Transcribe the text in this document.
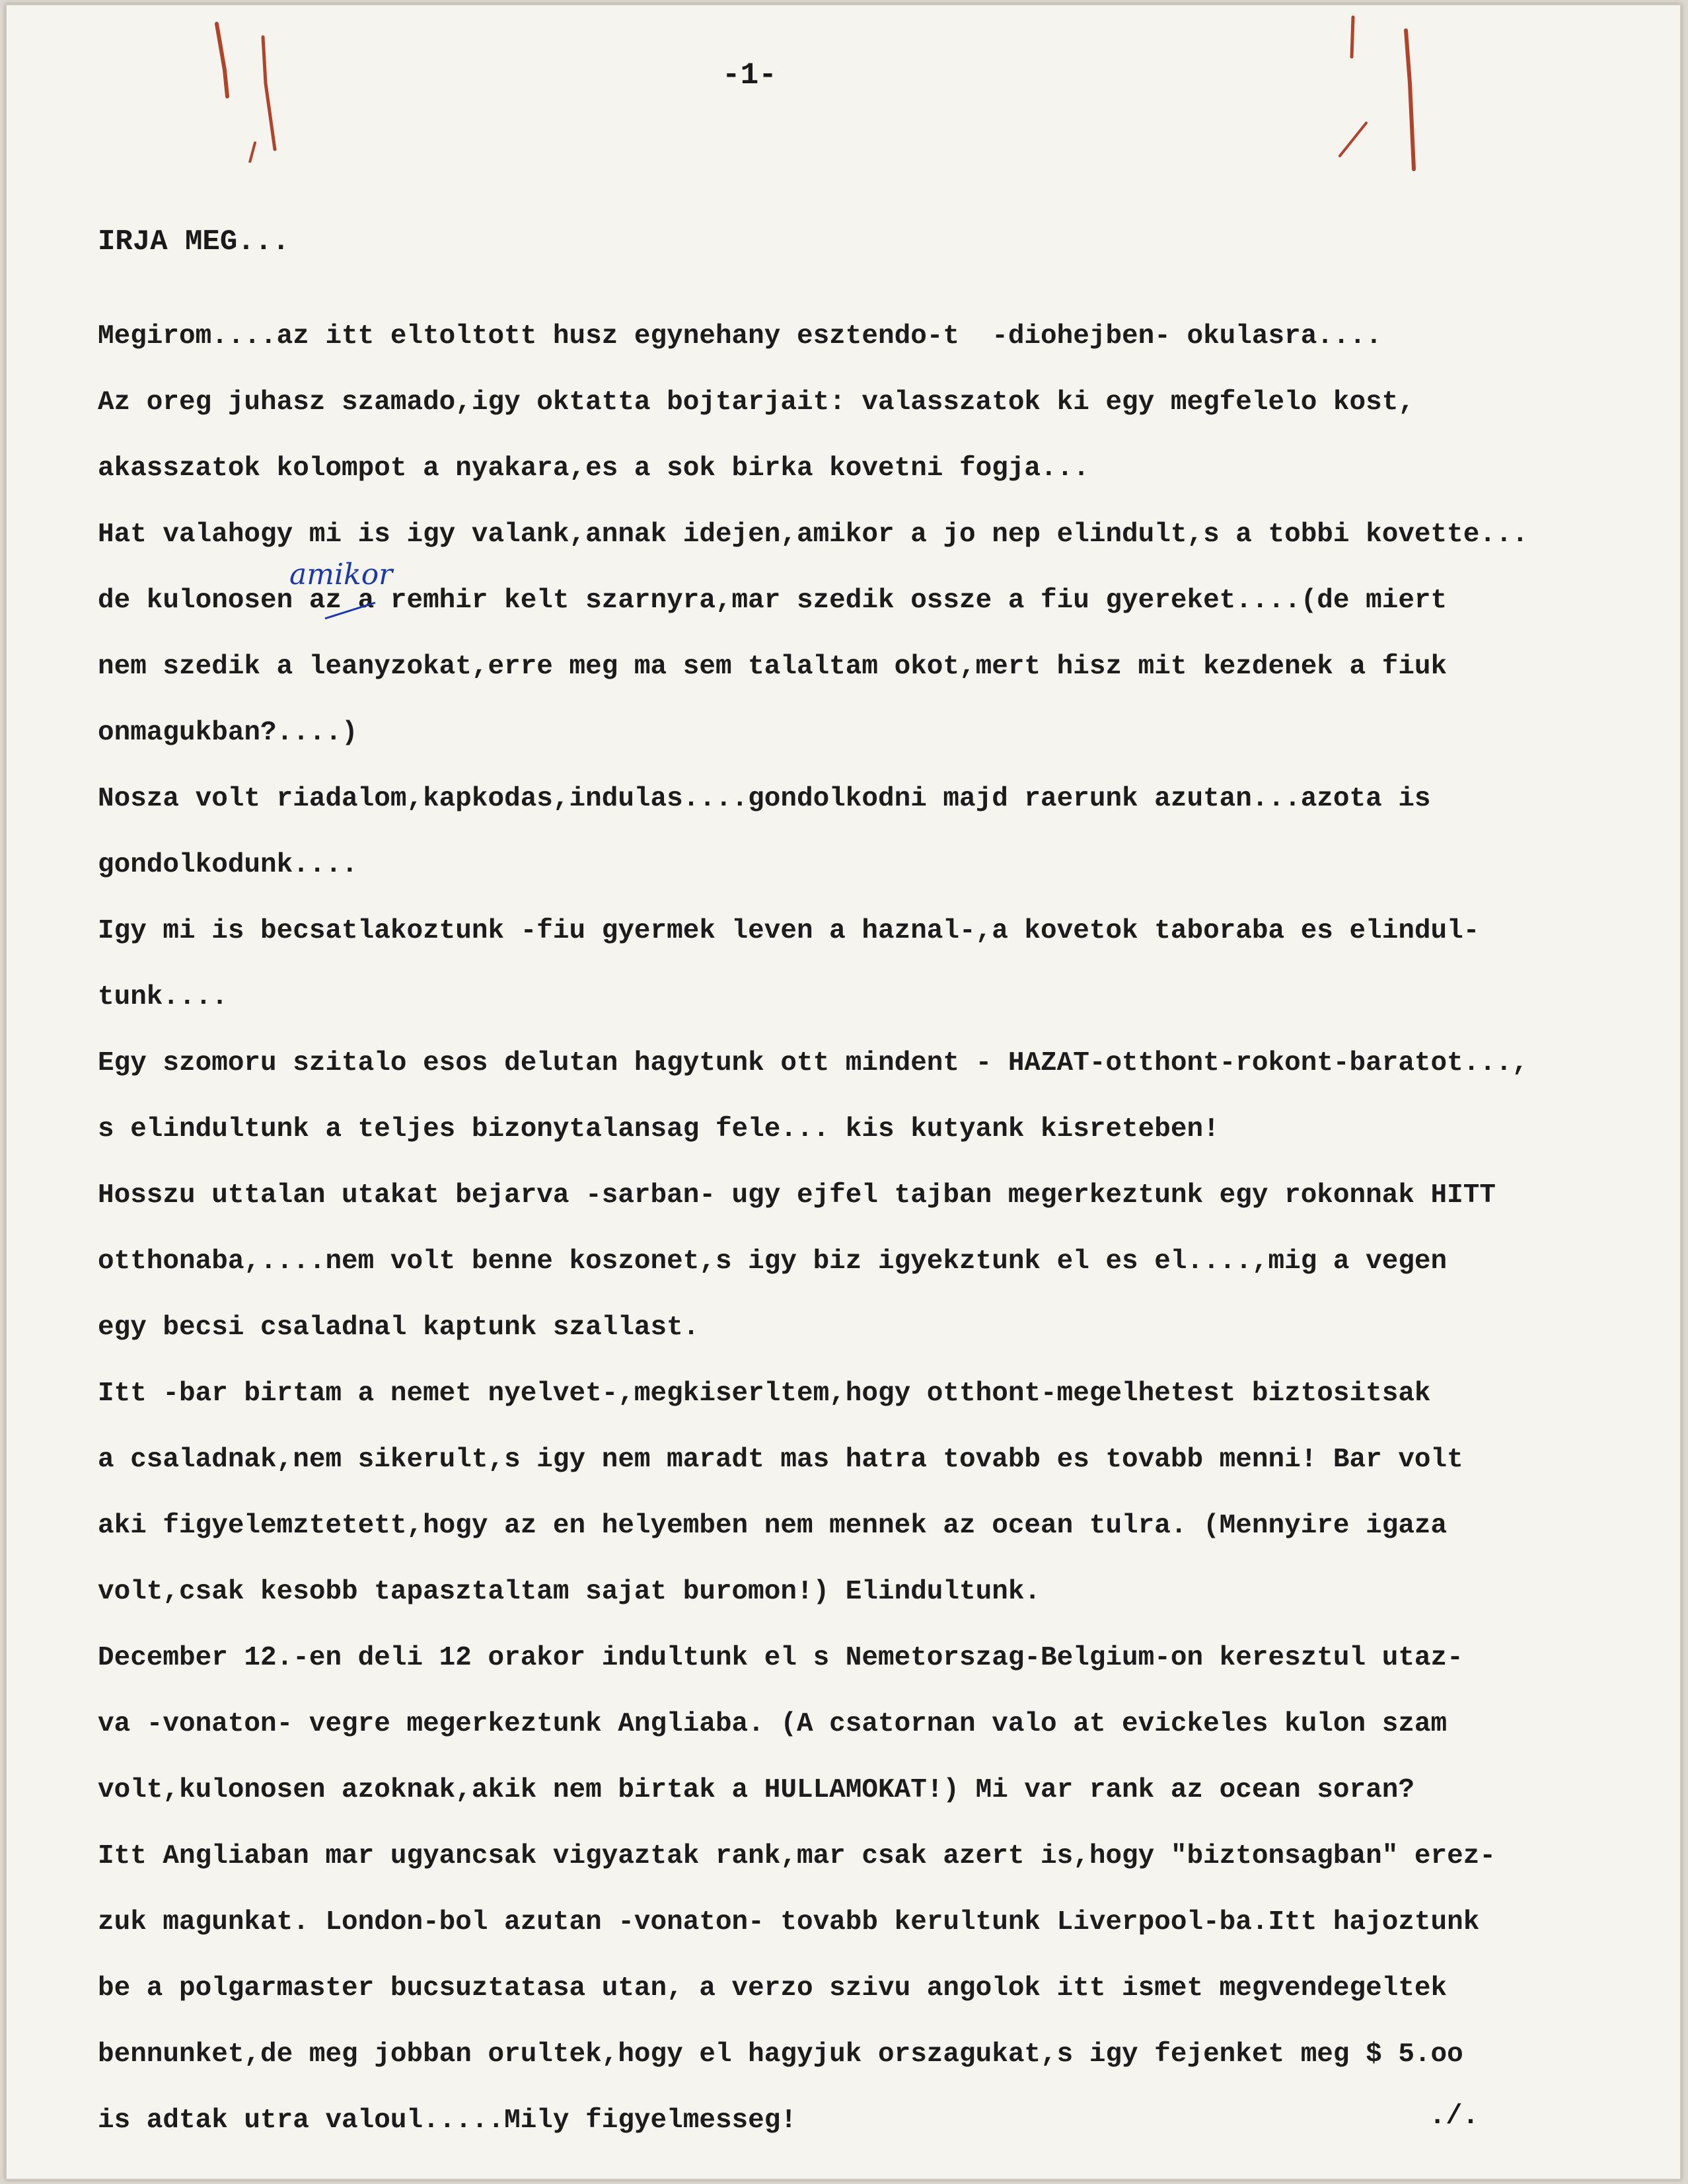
-1-
IRJA MEG...
Megirom....az itt eltoltott husz egynehany esztendo-t  -diohejben- okulasra....
Az oreg juhasz szamado,igy oktatta bojtarjait: valasszatok ki egy megfelelo kost,
akasszatok kolompot a nyakara,es a sok birka kovetni fogja...
Hat valahogy mi is igy valank,annak idejen,amikor a jo nep elindult,s a tobbi kovette...
de kulonosen az a remhir kelt szarnyra,mar szedik ossze a fiu gyereket....(de miert
nem szedik a leanyzokat,erre meg ma sem talaltam okot,mert hisz mit kezdenek a fiuk
onmagukban?....)
Nosza volt riadalom,kapkodas,indulas....gondolkodni majd raerunk azutan...azota is
gondolkodunk....
Igy mi is becsatlakoztunk -fiu gyermek leven a haznal-,a kovetok taboraba es elindul-
tunk....
Egy szomoru szitalo esos delutan hagytunk ott mindent - HAZAT-otthont-rokont-baratot...,
s elindultunk a teljes bizonytalansag fele... kis kutyank kisreteben!
Hosszu uttalan utakat bejarva -sarban- ugy ejfel tajban megerkeztunk egy rokonnak HITT
otthonaba,....nem volt benne koszonet,s igy biz igyekztunk el es el....,mig a vegen
egy becsi csaladnal kaptunk szallast.
Itt -bar birtam a nemet nyelvet-,megkiserltem,hogy otthont-megelhetest biztositsak
a csaladnak,nem sikerult,s igy nem maradt mas hatra tovabb es tovabb menni! Bar volt
aki figyelemztetett,hogy az en helyemben nem mennek az ocean tulra. (Mennyire igaza
volt,csak kesobb tapasztaltam sajat buromon!) Elindultunk.
December 12.-en deli 12 orakor indultunk el s Nemetorszag-Belgium-on keresztul utaz-
va -vonaton- vegre megerkeztunk Angliaba. (A csatornan valo at evickeles kulon szam
volt,kulonosen azoknak,akik nem birtak a HULLAMOKAT!) Mi var rank az ocean soran?
Itt Angliaban mar ugyancsak vigyaztak rank,mar csak azert is,hogy "biztonsagban" erez-
zuk magunkat. London-bol azutan -vonaton- tovabb kerultunk Liverpool-ba.Itt hajoztunk
be a polgarmaster bucsuztatasa utan, a verzo szivu angolok itt ismet megvendegeltek
bennunket,de meg jobban orultek,hogy el hagyjuk orszagukat,s igy fejenket meg $ 5.oo
is adtak utra valoul.....Mily figyelmesseg!
amikor
./.
